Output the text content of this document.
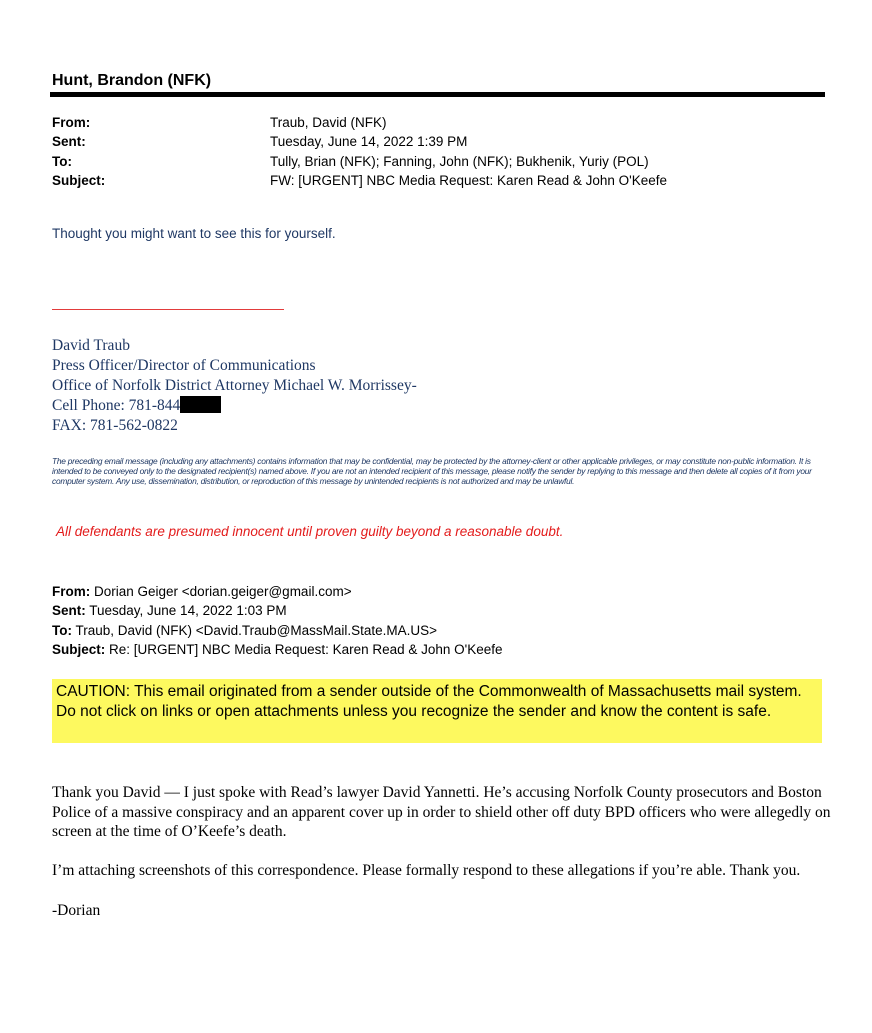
Hunt, Brandon (NFK)
From:	Traub, David (NFK)
Sent:	Tuesday, June 14, 2022 1:39 PM
To:	Tully, Brian (NFK); Fanning, John (NFK); Bukhenik, Yuriy (POL)
Subject:	FW: [URGENT] NBC Media Request: Karen Read & John O'Keefe
Thought you might want to see this for yourself.
David Traub
Press Officer/Director of Communications
Office of Norfolk District Attorney Michael W. Morrissey-
Cell Phone: 781-844
FAX: 781-562-0822
The preceding email message (including any attachments) contains information that may be confidential, may be protected by the attorney-client or other applicable privileges, or may constitute non-public information. It is intended to be conveyed only to the designated recipient(s) named above. If you are not an intended recipient of this message, please notify the sender by replying to this message and then delete all copies of it from your computer system. Any use, dissemination, distribution, or reproduction of this message by unintended recipients is not authorized and may be unlawful.
All defendants are presumed innocent until proven guilty beyond a reasonable doubt.
From: Dorian Geiger <dorian.geiger@gmail.com>
Sent: Tuesday, June 14, 2022 1:03 PM
To: Traub, David (NFK) <David.Traub@MassMail.State.MA.US>
Subject: Re: [URGENT] NBC Media Request: Karen Read & John O'Keefe
CAUTION: This email originated from a sender outside of the Commonwealth of Massachusetts mail system. Do not click on links or open attachments unless you recognize the sender and know the content is safe.

Thank you David — I just spoke with Read’s lawyer David Yannetti. He’s accusing Norfolk County prosecutors and Boston Police of a massive conspiracy and an apparent cover up in order to shield other off duty BPD officers who were allegedly on screen at the time of O’Keefe’s death.

I’m attaching screenshots of this correspondence. Please formally respond to these allegations if you’re able. Thank you.

-Dorian
